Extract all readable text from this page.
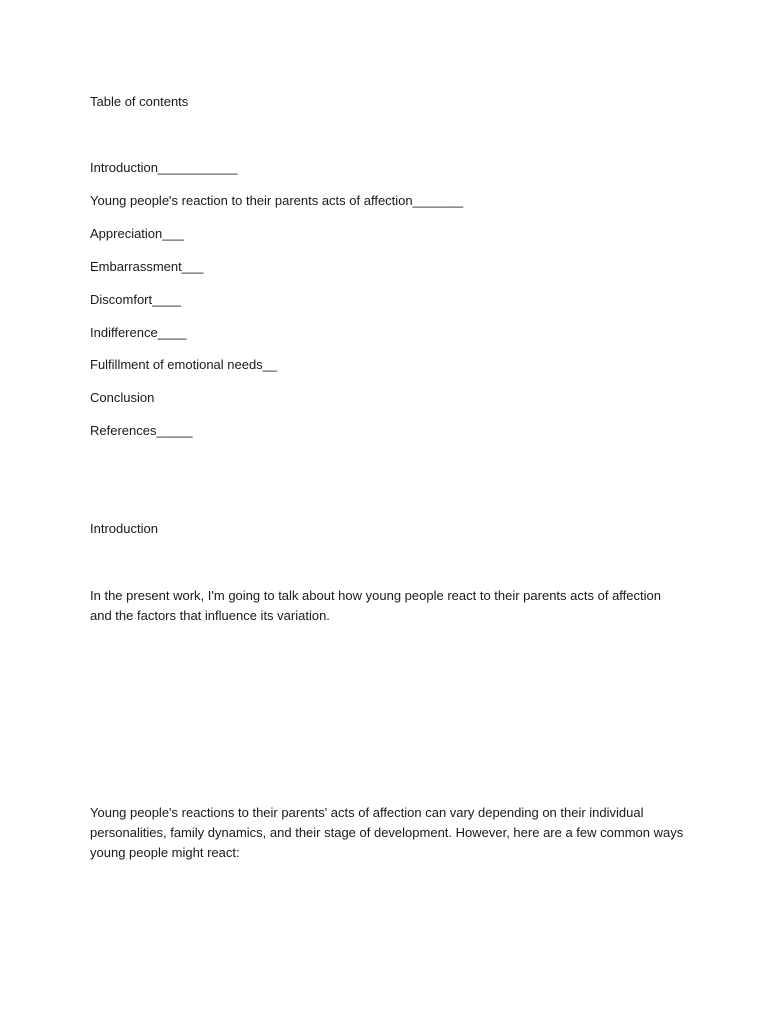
Table of contents
Introduction___________
Young people's reaction to their parents acts of affection_______
Appreciation___
Embarrassment___
Discomfort____
Indifference____
Fulfillment of emotional needs__
Conclusion
References_____
Introduction
In the present work, I'm going to talk about how young people react to their parents acts of affection
and the factors that influence its variation.
Young people's reactions to their parents' acts of affection can vary depending on their individual
personalities, family dynamics, and their stage of development. However, here are a few common ways
young people might react:
